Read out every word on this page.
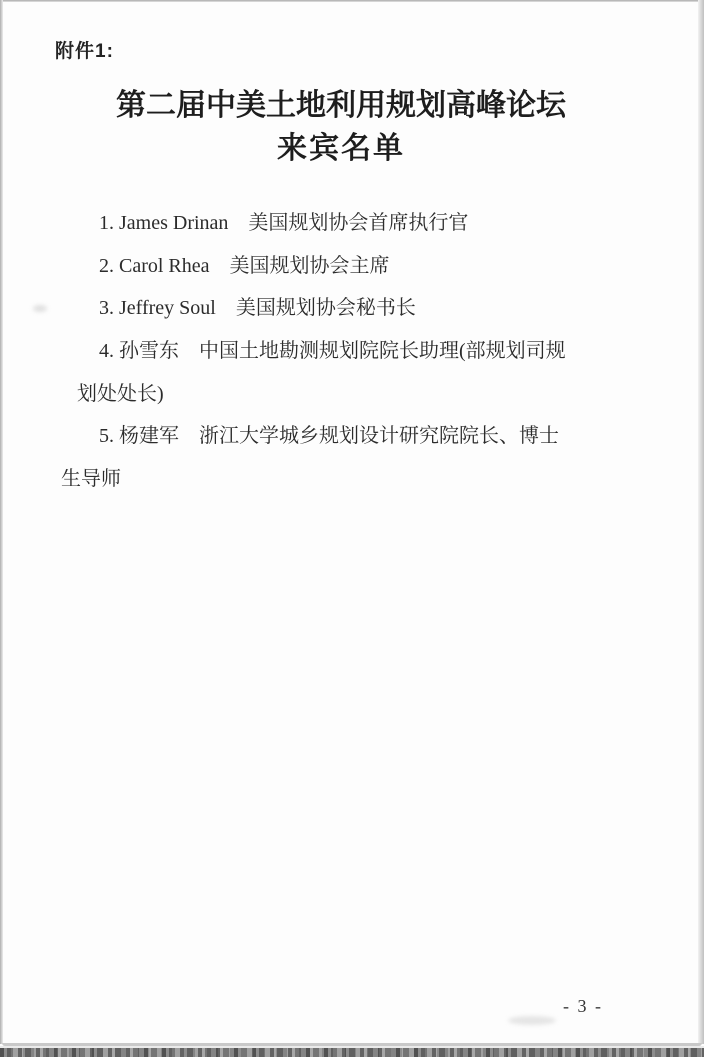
附件1:
第二届中美土地利用规划高峰论坛
来宾名单
1. James Drinan　美国规划协会首席执行官
2. Carol Rhea　美国规划协会主席
3. Jeffrey Soul　美国规划协会秘书长
4. 孙雪东　中国土地勘测规划院院长助理(部规划司规
划处处长)
5. 杨建军　浙江大学城乡规划设计研究院院长、博士
生导师
- 3 -
